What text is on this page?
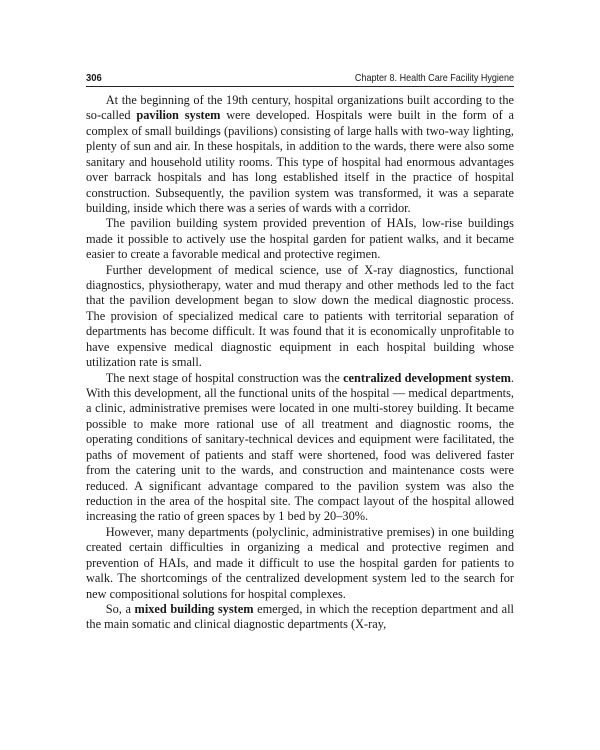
306	Chapter 8. Health Care Facility Hygiene

At the beginning of the 19th century, hospital organizations built according to the so-called pavilion system were developed. Hospitals were built in the form of a complex of small buildings (pavilions) consisting of large halls with two-way lighting, plenty of sun and air. In these hospitals, in addition to the wards, there were also some sanitary and household utility rooms. This type of hospital had enormous advantages over barrack hospitals and has long established itself in the practice of hospital construction. Subsequently, the pavilion system was transformed, it was a separate building, inside which there was a series of wards with a corridor.

The pavilion building system provided prevention of HAIs, low-rise buildings made it possible to actively use the hospital garden for patient walks, and it became easier to create a favorable medical and protective regimen.

Further development of medical science, use of X-ray diagnostics, functional diagnostics, physiotherapy, water and mud therapy and other methods led to the fact that the pavilion development began to slow down the medical diagnostic process. The provision of specialized medical care to patients with territorial separation of departments has become difficult. It was found that it is economically unprofitable to have expensive medical diagnostic equipment in each hospital building whose utilization rate is small.

The next stage of hospital construction was the centralized development system. With this development, all the functional units of the hospital — medical departments, a clinic, administrative premises were located in one multi-storey building. It became possible to make more rational use of all treatment and diagnostic rooms, the operating conditions of sanitary-technical devices and equipment were facilitated, the paths of movement of patients and staff were shortened, food was delivered faster from the catering unit to the wards, and construction and maintenance costs were reduced. A significant advantage compared to the pavilion system was also the reduction in the area of the hospital site. The compact layout of the hospital allowed increasing the ratio of green spaces by 1 bed by 20–30%.

However, many departments (polyclinic, administrative premises) in one building created certain difficulties in organizing a medical and protective regimen and prevention of HAIs, and made it difficult to use the hospital garden for patients to walk. The shortcomings of the centralized development system led to the search for new compositional solutions for hospital complexes.

So, a mixed building system emerged, in which the reception department and all the main somatic and clinical diagnostic departments (X-ray,
